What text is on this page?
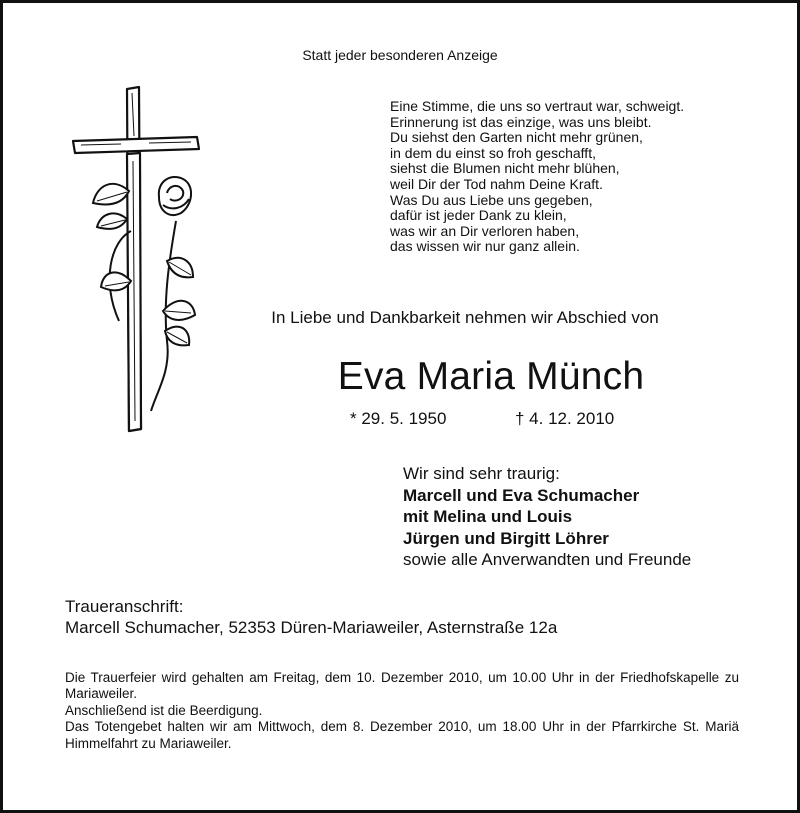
Statt jeder besonderen Anzeige
Eine Stimme, die uns so vertraut war, schweigt.
Erinnerung ist das einzige, was uns bleibt.
Du siehst den Garten nicht mehr grünen,
in dem du einst so froh geschafft,
siehst die Blumen nicht mehr blühen,
weil Dir der Tod nahm Deine Kraft.
Was Du aus Liebe uns gegeben,
dafür ist jeder Dank zu klein,
was wir an Dir verloren haben,
das wissen wir nur ganz allein.
In Liebe und Dankbarkeit nehmen wir Abschied von
Eva Maria Münch
* 29. 5. 1950	† 4. 12. 2010
Wir sind sehr traurig:
Marcell und Eva Schumacher
mit Melina und Louis
Jürgen und Birgitt Löhrer
sowie alle Anverwandten und Freunde
Traueranschrift:
Marcell Schumacher, 52353 Düren-Mariaweiler, Asternstraße 12a

Die Trauerfeier wird gehalten am Freitag, dem 10. Dezember 2010, um 10.00 Uhr in der Friedhofskapelle zu Mariaweiler.

Anschließend ist die Beerdigung.

Das Totengebet halten wir am Mittwoch, dem 8. Dezember 2010, um 18.00 Uhr in der Pfarrkirche St. Mariä Himmelfahrt zu Mariaweiler.
